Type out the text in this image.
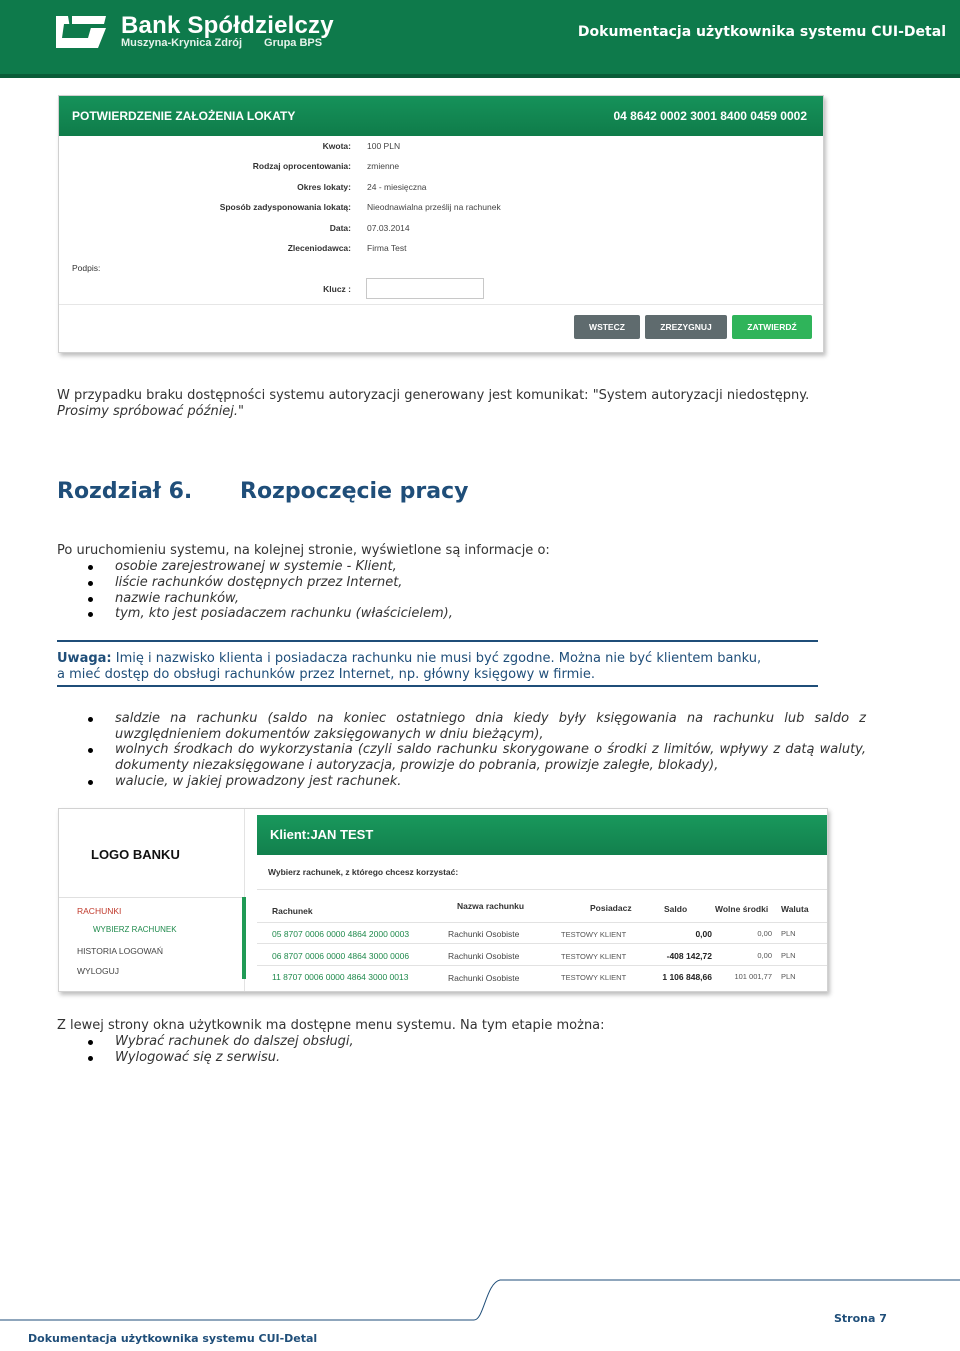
Bank Spółdzielczy
Muszyna-Krynica Zdrój Grupa BPS
Dokumentacja użytkownika systemu CUI-Detal
POTWIERDZENIE ZAŁOŻENIA LOKATY	04 8642 0002 3001 8400 0459 0002
Kwota: 100 PLN
Rodzaj oprocentowania: zmienne
Okres lokaty: 24 - miesięczna
Sposób zadysponowania lokatą: Nieodnawialna prześlij na rachunek
Data: 07.03.2014
Zleceniodawca: Firma Test
Podpis:
Klucz :
WSTECZ	ZREZYGNUJ	ZATWIERDŹ
W przypadku braku dostępności systemu autoryzacji generowany jest komunikat: "System autoryzacji niedostępny.
Prosimy spróbować później."
Rozdział 6. Rozpoczęcie pracy
Po uruchomieniu systemu, na kolejnej stronie, wyświetlone są informacje o:
osobie zarejestrowanej w systemie - Klient,
liście rachunków dostępnych przez Internet,
nazwie rachunków,
tym, kto jest posiadaczem rachunku (właścicielem),
Uwaga: Imię i nazwisko klienta i posiadacza rachunku nie musi być zgodne. Można nie być klientem banku,
a mieć dostęp do obsługi rachunków przez Internet, np. główny księgowy w firmie.
saldzie na rachunku (saldo na koniec ostatniego dnia kiedy były księgowania na rachunku lub saldo z uwzględnieniem dokumentów zaksięgowanych w dniu bieżącym),
wolnych środkach do wykorzystania (czyli saldo rachunku skorygowane o środki z limitów, wpływy z datą waluty, dokumenty niezaksięgowane i autoryzacja, prowizje do pobrania, prowizje zaległe, blokady),
walucie, w jakiej prowadzony jest rachunek.
LOGO BANKU
RACHUNKI
WYBIERZ RACHUNEK
HISTORIA LOGOWAŃ
WYLOGUJ
Klient:JAN TEST
Wybierz rachunek, z którego chcesz korzystać:
Rachunek	Nazwa rachunku	Posiadacz	Saldo	Wolne środki Waluta
05 8707 0006 0000 4864 2000 0003	Rachunki Osobiste	TESTOWY KLIENT	0,00	0,00 PLN
06 8707 0006 0000 4864 3000 0006	Rachunki Osobiste	TESTOWY KLIENT	-408 142,72	0,00 PLN
11 8707 0006 0000 4864 3000 0013	Rachunki Osobiste	TESTOWY KLIENT	1 106 848,66	101 001,77 PLN
Z lewej strony okna użytkownik ma dostępne menu systemu. Na tym etapie można:
Wybrać rachunek do dalszej obsługi,
Wylogować się z serwisu.
Strona 7
Dokumentacja użytkownika systemu CUI-Detal
